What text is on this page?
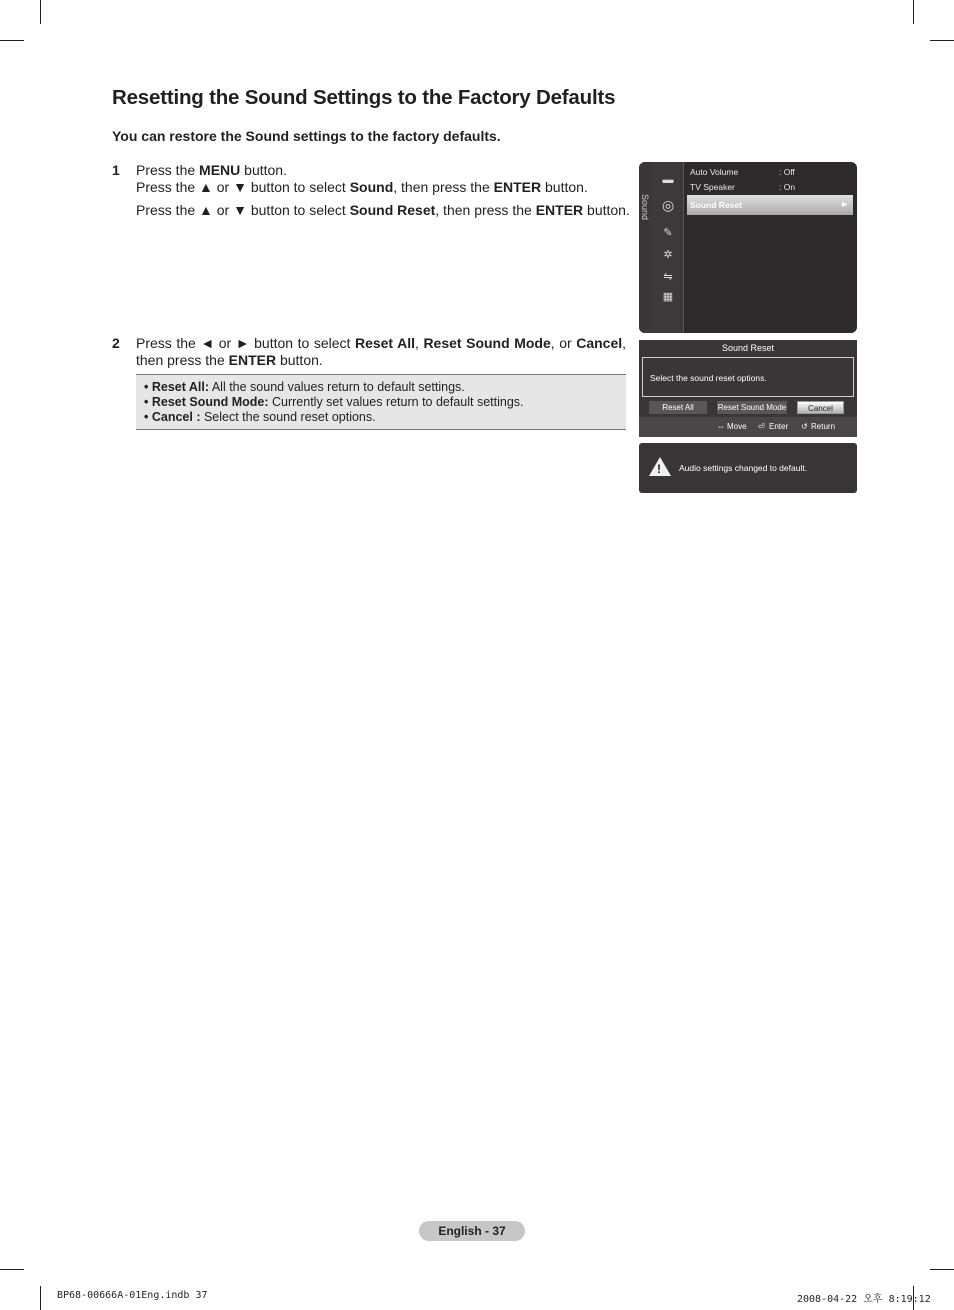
Resetting the Sound Settings to the Factory Defaults
You can restore the Sound settings to the factory defaults.
1 Press the MENU button.
Press the ▲ or ▼ button to select Sound, then press the ENTER button.
Press the ▲ or ▼ button to select Sound Reset, then press the ENTER button.
2 Press the ◄ or ► button to select Reset All, Reset Sound Mode, or Cancel,
then press the ENTER button.
• Reset All: All the sound values return to default settings.
• Reset Sound Mode: Currently set values return to default settings.
• Cancel : Select the sound reset options.
Sound
▬
◎
✎
✲
⇋
▦
Auto Volume	: Off
TV Speaker	: On
Sound Reset	►
Sound Reset
Select the sound reset options.
Reset All	Reset Sound Mode	Cancel
⇔ Move ⏎ Enter ↺ Return
! Audio settings changed to default.
English - 37
BP68-00666A-01Eng.indb 37	2008-04-22 오후 8:19:12
